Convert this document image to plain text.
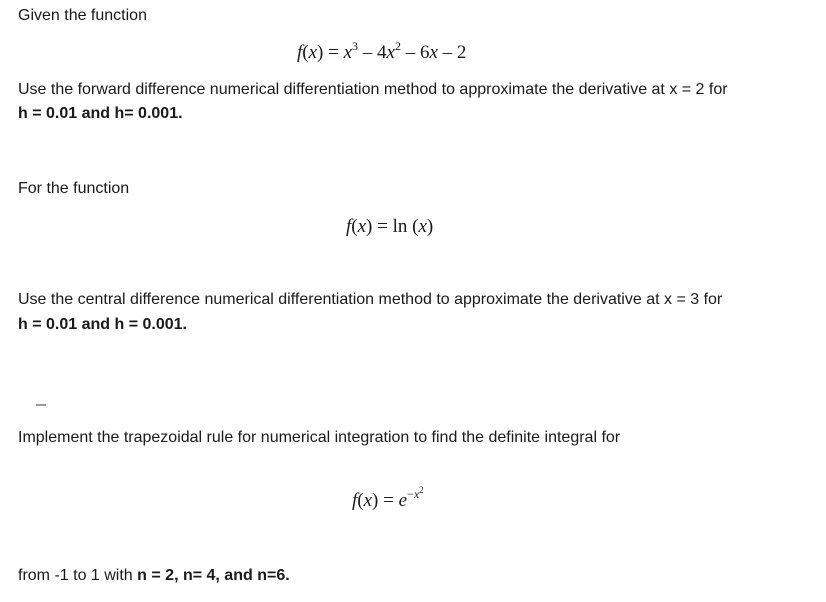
Given the function
$f(x) = x^3 - 4x^2 - 6x - 2$
Use the forward difference numerical differentiation method to approximate the derivative at x = 2 for
h = 0.01 and h= 0.001.
For the function
f(x) = ln (x)
Use the central difference numerical differentiation method to approximate the derivative at x = 3 for
h = 0.01 and h = 0.001.
Implement the trapezoidal rule for numerical integration to find the definite integral for
$f(x) = e^{-x^2}$
from -1 to 1 with n = 2, n= 4, and n=6.
